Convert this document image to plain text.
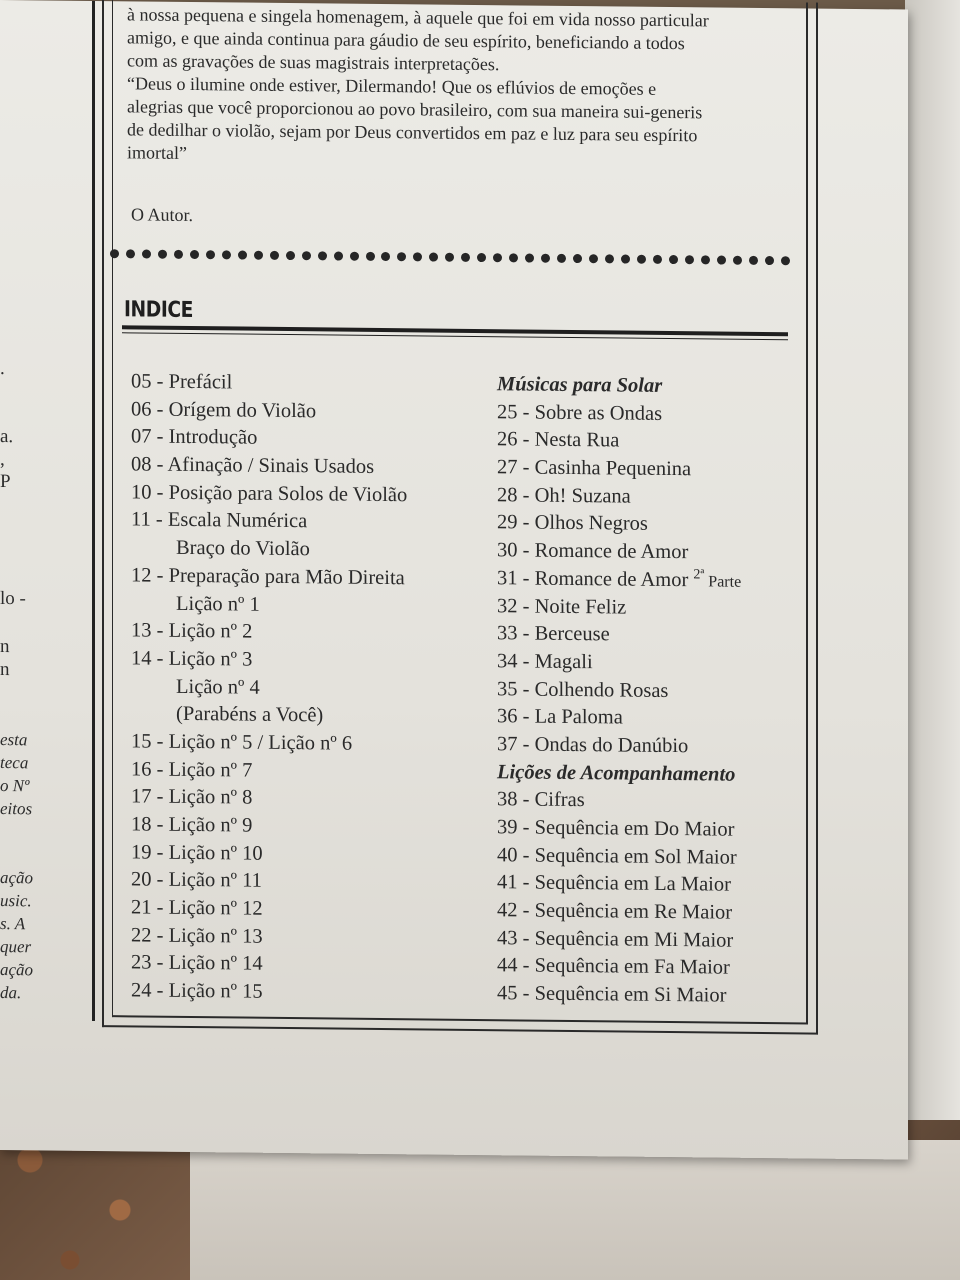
.
a.
,
P
lo -
n
n
esta
teca
o Nº
eitos
ação
usic.
s. A
quer
ação
da.

à nossa pequena e singela homenagem, à aquele que foi em vida nosso particular

amigo, e que ainda continua para gáudio de seu espírito, beneficiando a todos

com as gravações de suas magistrais interpretações.

“Deus o ilumine onde estiver, Dilermando! Que os eflúvios de emoções e

alegrias que você proporcionou ao povo brasileiro, com sua maneira sui-generis

de dedilhar o violão, sejam por Deus convertidos em paz e luz para seu espírito

imortal”

O Autor.
INDICE
05 - Prefácil
06 - Orígem do Violão
07 - Introdução
08 - Afinação / Sinais Usados
10 - Posição para Solos de Violão
11 - Escala Numérica
Braço do Violão
12 - Preparação para Mão Direita
Lição nº 1
13 - Lição nº 2
14 - Lição nº 3
Lição nº 4
(Parabéns a Você)
15 - Lição nº 5 / Lição nº 6
16 - Lição nº 7
17 - Lição nº 8
18 - Lição nº 9
19 - Lição nº 10
20 - Lição nº 11
21 - Lição nº 12
22 - Lição nº 13
23 - Lição nº 14
24 - Lição nº 15
Músicas para Solar
25 - Sobre as Ondas
26 - Nesta Rua
27 - Casinha Pequenina
28 - Oh! Suzana
29 - Olhos Negros
30 - Romance de Amor
31 - Romance de Amor $^{2ª}$ Parte
32 - Noite Feliz
33 - Berceuse
34 - Magali
35 - Colhendo Rosas
36 - La Paloma
37 - Ondas do Danúbio
Lições de Acompanhamento
38 - Cifras
39 - Sequência em Do Maior
40 - Sequência em Sol Maior
41 - Sequência em La Maior
42 - Sequência em Re Maior
43 - Sequência em Mi Maior
44 - Sequência em Fa Maior
45 - Sequência em Si Maior
